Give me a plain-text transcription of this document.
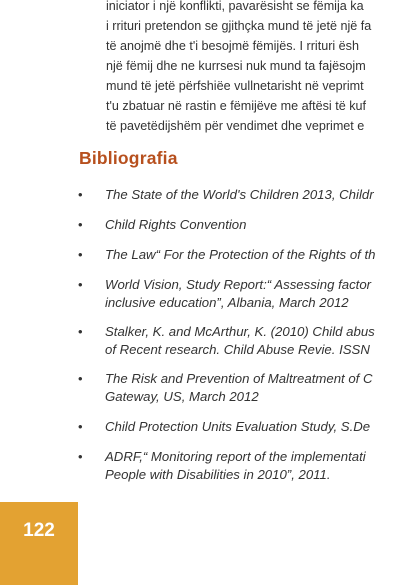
iniciator i një konflikti, pavarësisht se fëmija ka
i rrituri pretendon se gjithçka mund të jetë një fa
të anojmë dhe t'i besojmë fëmijës. I rrituri ësh
një fëmij dhe ne kurrsesi nuk mund ta fajësojm
mund të jetë përfshiëe vullnetarisht në veprimt
t'u zbatuar në rastin e fëmijëve me aftësi të kuf
të pavetëdijshëm për vendimet dhe veprimet e
Bibliografia
• The State of the World's Children 2013, Childr
• Child Rights Convention
• The Law“ For the Protection of the Rights of th
• World Vision, Study Report:“ Assessing factor
inclusive education”, Albania, March 2012
• Stalker, K. and McArthur, K. (2010) Child abus
of Recent research. Child Abuse Revie. ISSN
• The Risk and Prevention of Maltreatment of C
Gateway, US, March 2012
• Child Protection Units Evaluation Study, S.De
• ADRF,“ Monitoring report of the implementati
People with Disabilities in 2010”, 2011.
122
